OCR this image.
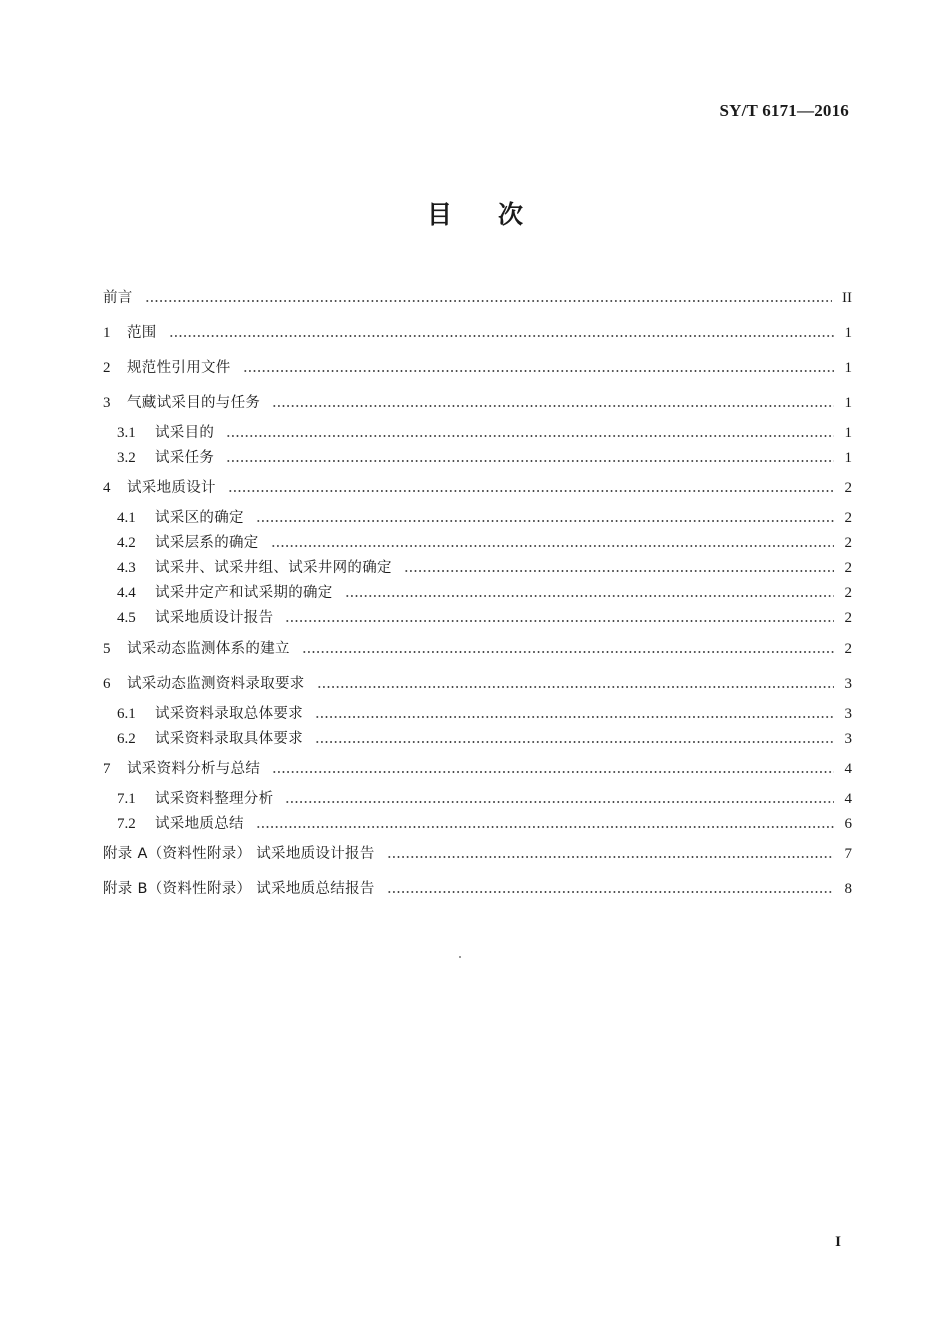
SY/T 6171—2016
目 次
前言	II
1	范围	1
2	规范性引用文件	1
3	气藏试采目的与任务	1
3.1	试采目的	1
3.2	试采任务	1
4	试采地质设计	2
4.1	试采区的确定	2
4.2	试采层系的确定	2
4.3	试采井、试采井组、试采井网的确定	2
4.4	试采井定产和试采期的确定	2
4.5	试采地质设计报告	2
5	试采动态监测体系的建立	2
6	试采动态监测资料录取要求	3
6.1	试采资料录取总体要求	3
6.2	试采资料录取具体要求	3
7	试采资料分析与总结	4
7.1	试采资料整理分析	4
7.2	试采地质总结	6
附录 A（资料性附录） 试采地质设计报告	7
附录 B（资料性附录） 试采地质总结报告	8
I
